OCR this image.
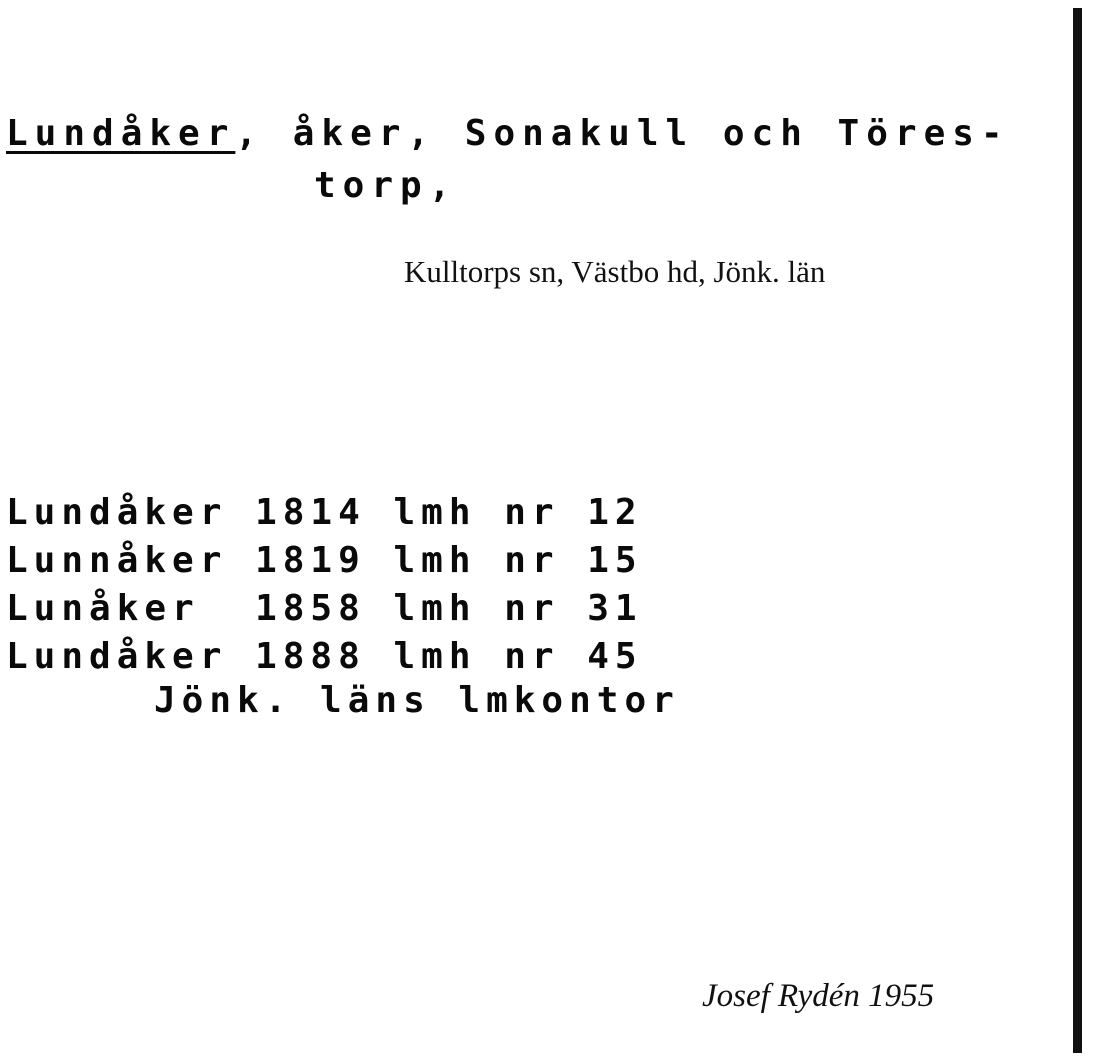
Lundåker, åker, Sonakull och Töres-
torp,
Kulltorps sn, Västbo hd, Jönk. län
Lundåker 1814 lmh nr 12
Lunnåker 1819 lmh nr 15
Lunåker 1858 lmh nr 31
Lundåker 1888 lmh nr 45
Jönk. läns lmkontor
Josef Rydén 1955
